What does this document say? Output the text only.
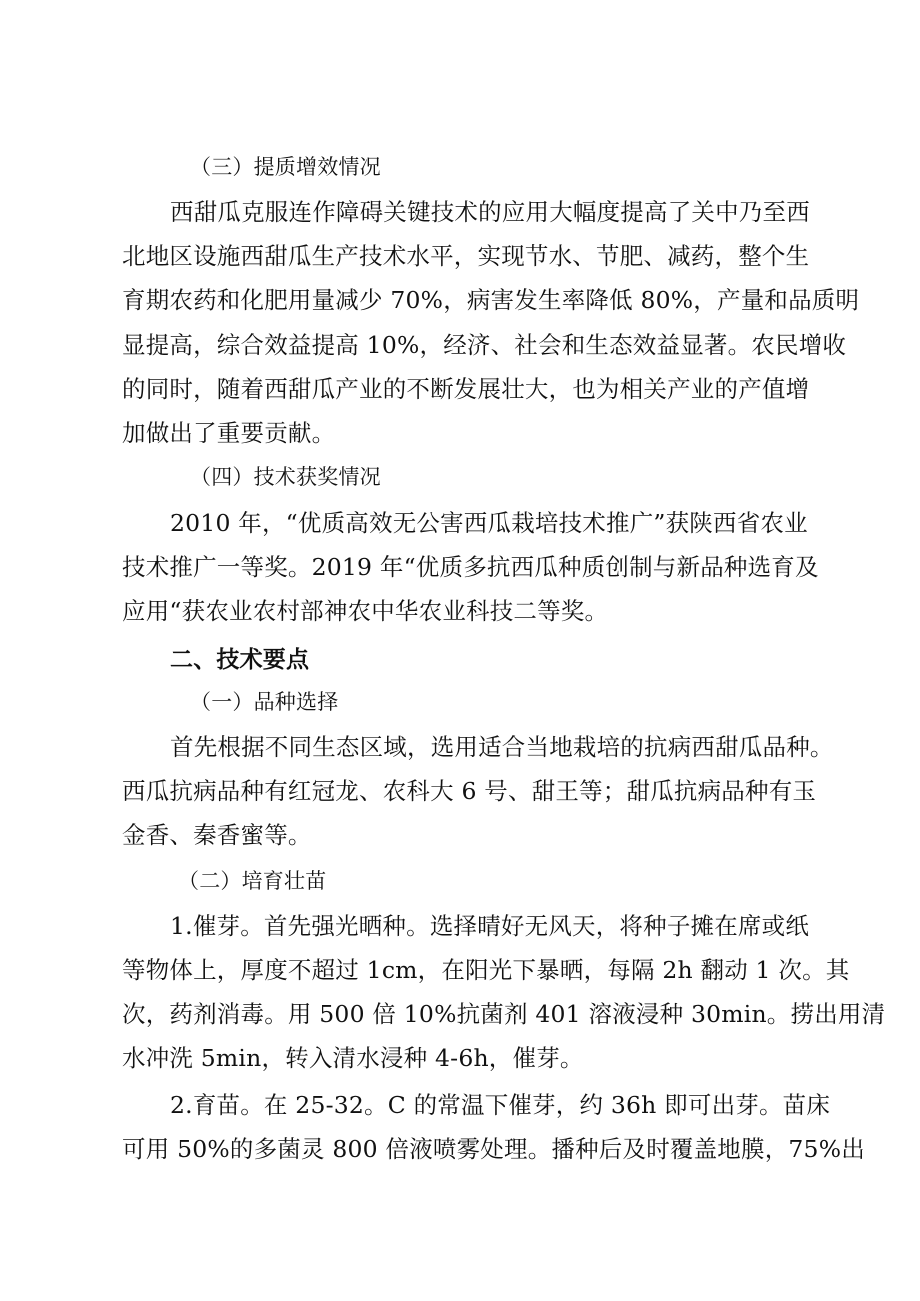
（三）提质增效情况
西甜瓜克服连作障碍关键技术的应用大幅度提高了关中乃至西
北地区设施西甜瓜生产技术水平，实现节水、节肥、减药，整个生
育期农药和化肥用量减少 70%，病害发生率降低 80%，产量和品质明
显提高，综合效益提高 10%，经济、社会和生态效益显著。农民增收
的同时，随着西甜瓜产业的不断发展壮大，也为相关产业的产值增
加做出了重要贡献。
（四）技术获奖情况
2010 年，“优质高效无公害西瓜栽培技术推广”获陕西省农业
技术推广一等奖。2019 年“优质多抗西瓜种质创制与新品种选育及
应用“获农业农村部神农中华农业科技二等奖。
二、技术要点
（一）品种选择
首先根据不同生态区域，选用适合当地栽培的抗病西甜瓜品种。
西瓜抗病品种有红冠龙、农科大 6 号、甜王等；甜瓜抗病品种有玉
金香、秦香蜜等。
（二）培育壮苗
1.催芽。首先强光晒种。选择晴好无风天，将种子摊在席或纸
等物体上，厚度不超过 1cm，在阳光下暴晒，每隔 2h 翻动 1 次。其
次，药剂消毒。用 500 倍 10%抗菌剂 401 溶液浸种 30min。捞出用清
水冲洗 5min，转入清水浸种 4-6h，催芽。
2.育苗。在 25-32。C 的常温下催芽，约 36h 即可出芽。苗床
可用 50%的多菌灵 800 倍液喷雾处理。播种后及时覆盖地膜，75%出
